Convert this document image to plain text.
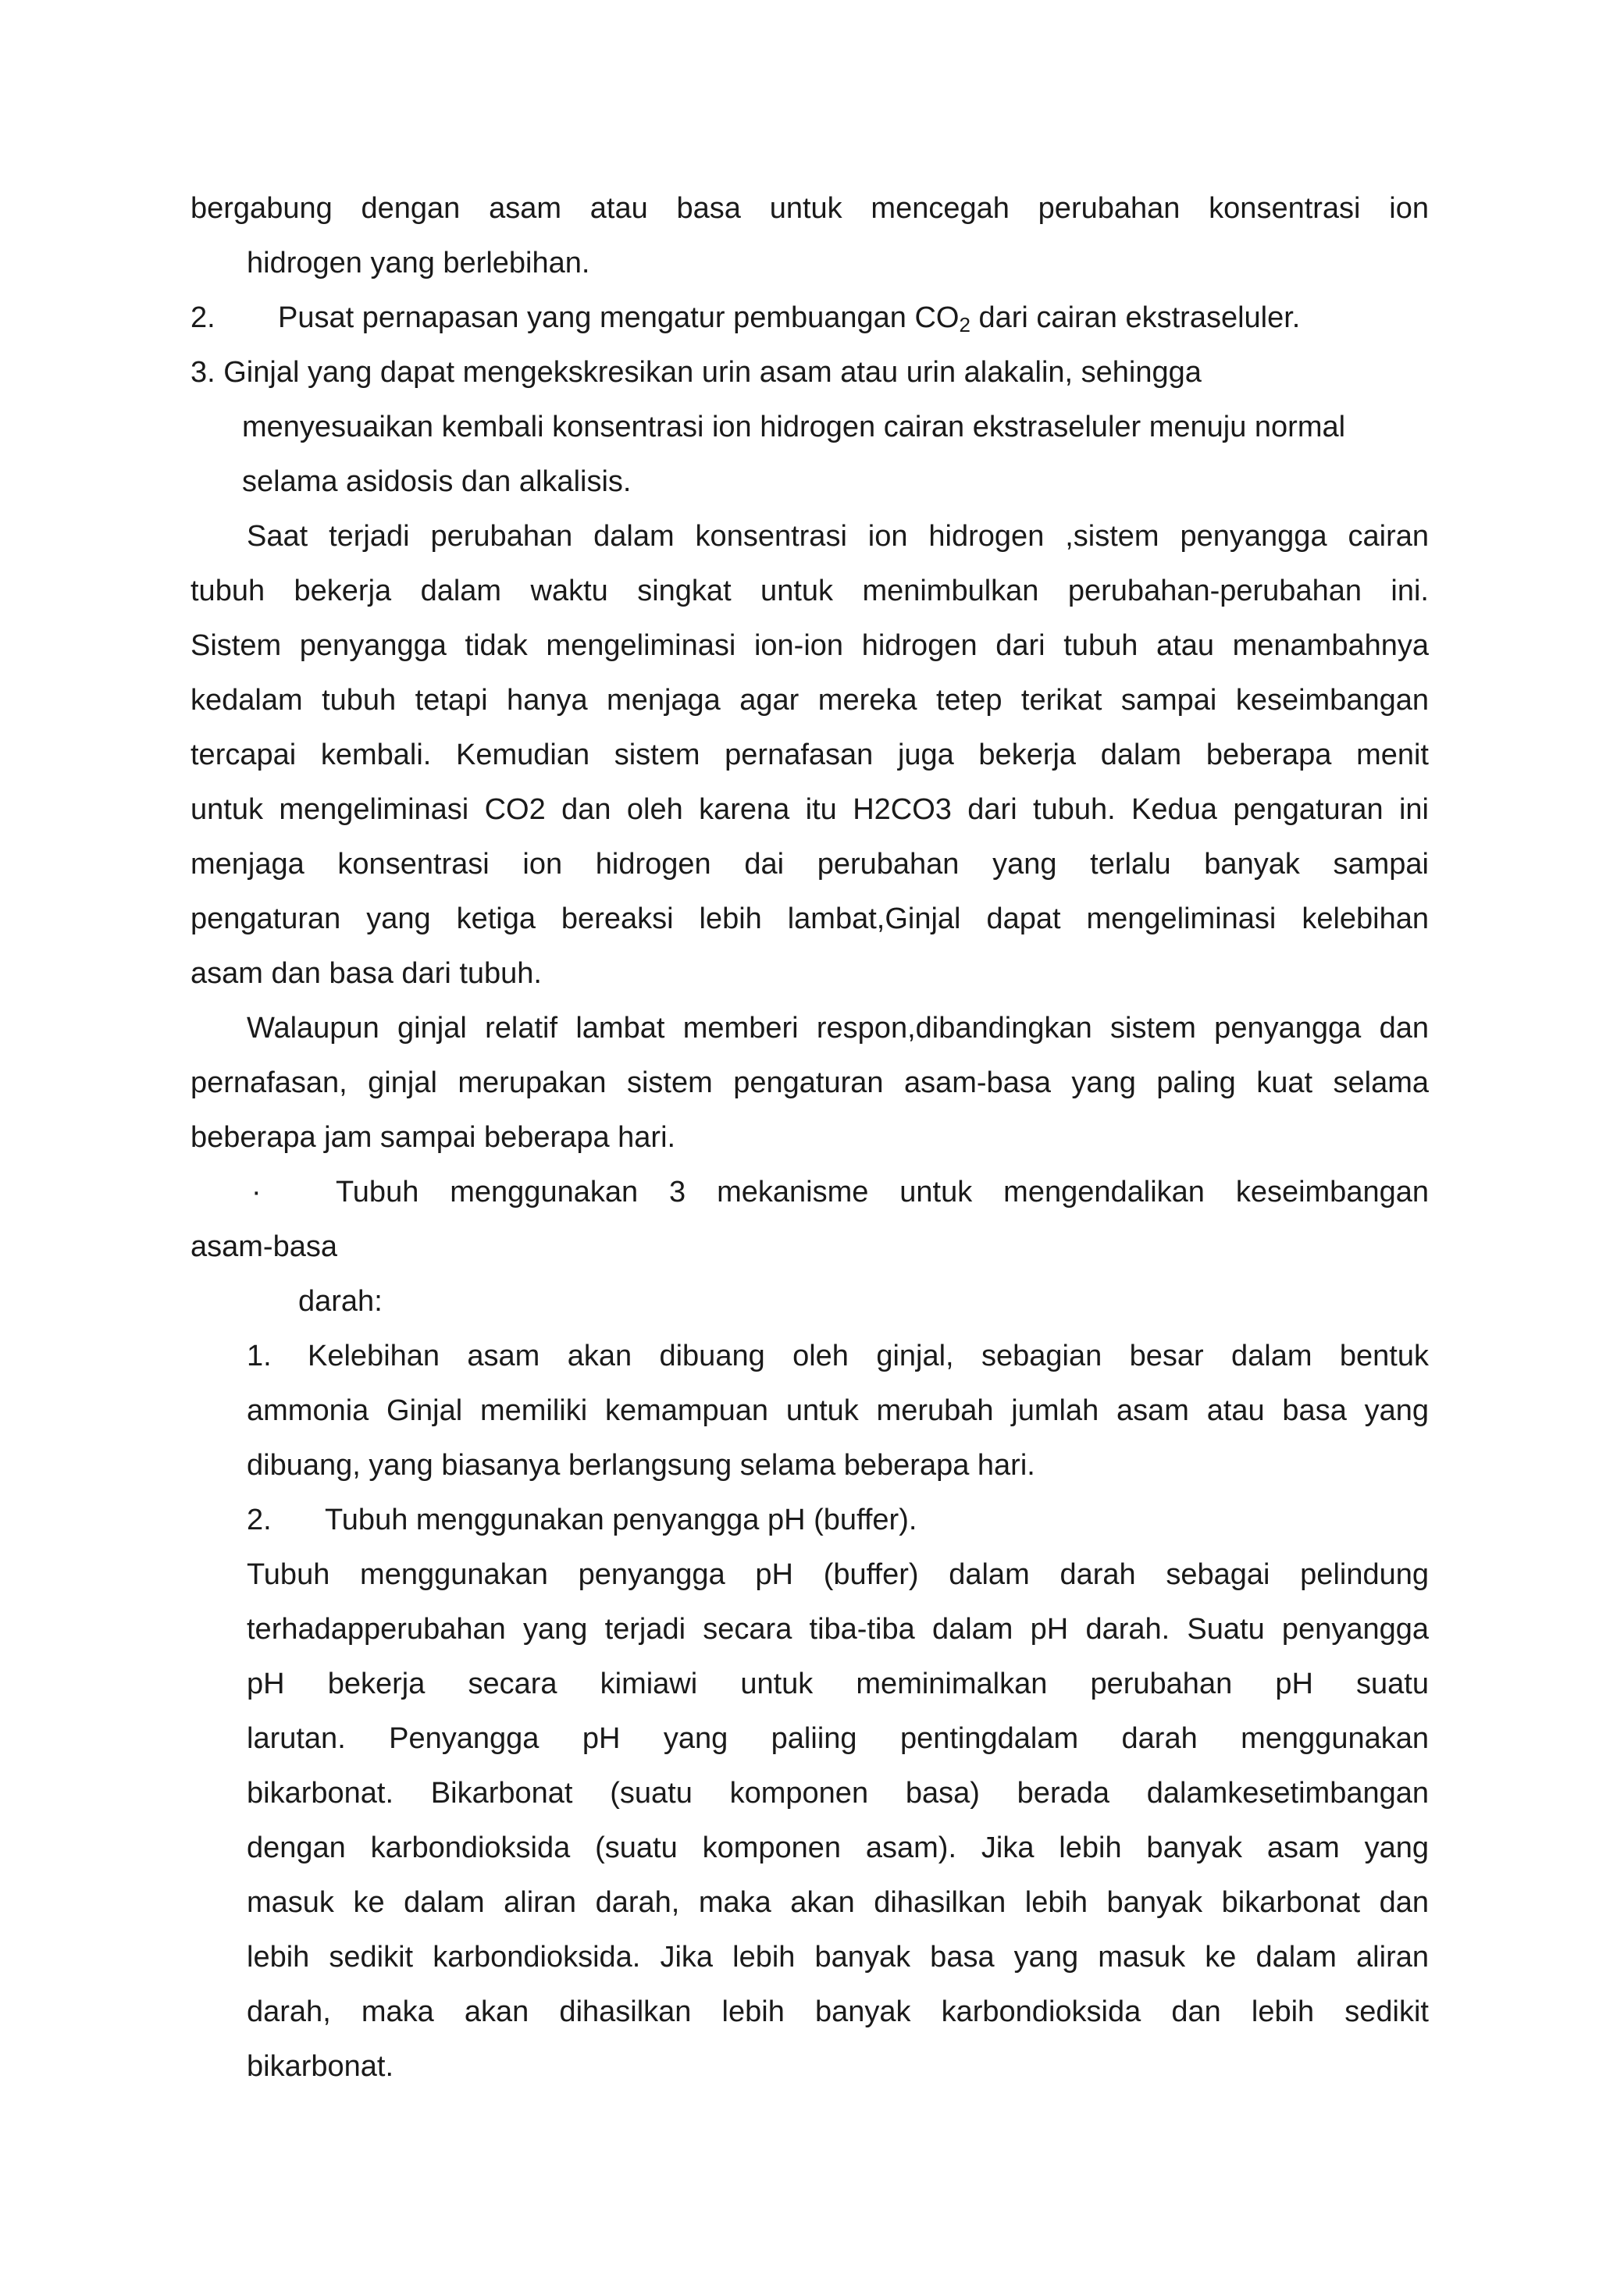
bergabung dengan asam atau basa untuk mencegah perubahan konsentrasi ion
hidrogen yang berlebihan.
2. Pusat pernapasan yang mengatur pembuangan $CO_2$ dari cairan ekstraseluler.
3. Ginjal yang dapat mengekskresikan urin asam atau urin alakalin, sehingga
menyesuaikan kembali konsentrasi ion hidrogen cairan ekstraseluler menuju normal
selama asidosis dan alkalisis.
Saat terjadi perubahan dalam konsentrasi ion hidrogen ,sistem penyangga cairan
tubuh bekerja dalam waktu singkat untuk menimbulkan perubahan-perubahan ini.
Sistem penyangga tidak mengeliminasi ion-ion hidrogen dari tubuh atau menambahnya
kedalam tubuh tetapi hanya menjaga agar mereka tetep terikat sampai keseimbangan
tercapai kembali. Kemudian sistem pernafasan juga bekerja dalam beberapa menit
untuk mengeliminasi CO2 dan oleh karena itu H2CO3 dari tubuh. Kedua pengaturan ini
menjaga konsentrasi ion hidrogen dai perubahan yang terlalu banyak sampai
pengaturan yang ketiga bereaksi lebih lambat,Ginjal dapat mengeliminasi kelebihan
asam dan basa dari tubuh.
Walaupun ginjal relatif lambat memberi respon,dibandingkan sistem penyangga dan
pernafasan, ginjal merupakan sistem pengaturan asam-basa yang paling kuat selama
beberapa jam sampai beberapa hari.
·	Tubuh menggunakan 3 mekanisme untuk mengendalikan keseimbangan
asam-basa
darah:
1. Kelebihan asam akan dibuang oleh ginjal, sebagian besar dalam bentuk
ammonia Ginjal memiliki kemampuan untuk merubah jumlah asam atau basa yang
dibuang, yang biasanya berlangsung selama beberapa hari.
2. Tubuh menggunakan penyangga pH (buffer).
Tubuh menggunakan penyangga pH (buffer) dalam darah sebagai pelindung
terhadapperubahan yang terjadi secara tiba-tiba dalam pH darah. Suatu penyangga
pH bekerja secara kimiawi untuk meminimalkan perubahan pH suatu
larutan. Penyangga pH yang paliing pentingdalam darah menggunakan
bikarbonat. Bikarbonat (suatu komponen basa) berada dalamkesetimbangan
dengan karbondioksida (suatu komponen asam). Jika lebih banyak asam yang
masuk ke dalam aliran darah, maka akan dihasilkan lebih banyak bikarbonat dan
lebih sedikit karbondioksida. Jika lebih banyak basa yang masuk ke dalam aliran
darah, maka akan dihasilkan lebih banyak karbondioksida dan lebih sedikit
bikarbonat.
